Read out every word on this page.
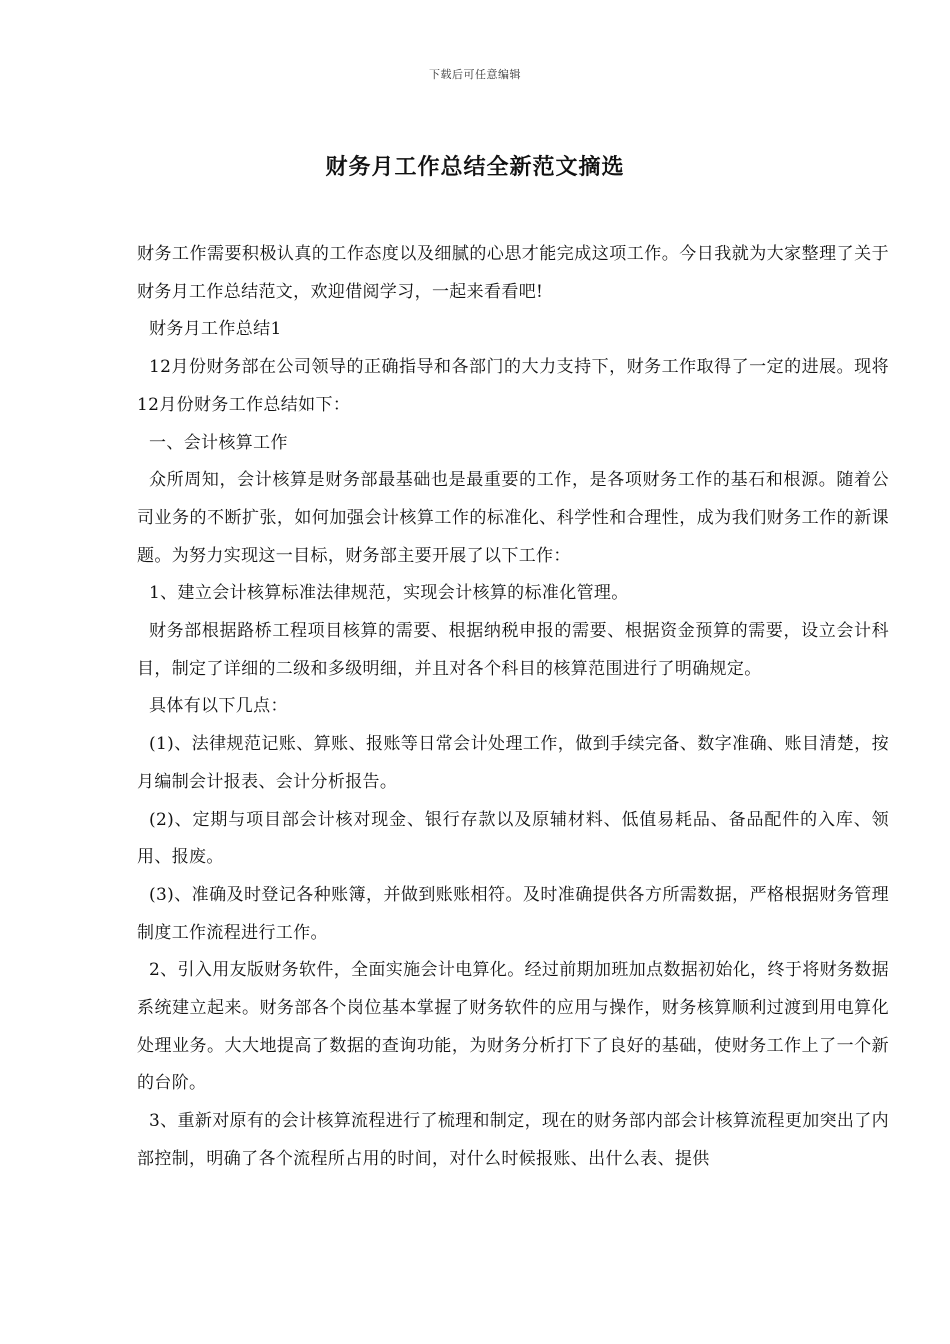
下载后可任意编辑
财务月工作总结全新范文摘选

财务工作需要积极认真的工作态度以及细腻的心思才能完成这项工作。今日我就为大家整理了关于财务月工作总结范文，欢迎借阅学习，一起来看看吧!

财务月工作总结1

12月份财务部在公司领导的正确指导和各部门的大力支持下，财务工作取得了一定的进展。现将12月份财务工作总结如下：

一、会计核算工作

众所周知，会计核算是财务部最基础也是最重要的工作，是各项财务工作的基石和根源。随着公司业务的不断扩张，如何加强会计核算工作的标准化、科学性和合理性，成为我们财务工作的新课题。为努力实现这一目标，财务部主要开展了以下工作：

1、建立会计核算标准法律规范，实现会计核算的标准化管理。

财务部根据路桥工程项目核算的需要、根据纳税申报的需要、根据资金预算的需要，设立会计科目，制定了详细的二级和多级明细，并且对各个科目的核算范围进行了明确规定。

具体有以下几点：

(1)、法律规范记账、算账、报账等日常会计处理工作，做到手续完备、数字准确、账目清楚，按月编制会计报表、会计分析报告。

(2)、定期与项目部会计核对现金、银行存款以及原辅材料、低值易耗品、备品配件的入库、领用、报废。

(3)、准确及时登记各种账簿，并做到账账相符。及时准确提供各方所需数据，严格根据财务管理制度工作流程进行工作。

2、引入用友版财务软件，全面实施会计电算化。经过前期加班加点数据初始化，终于将财务数据系统建立起来。财务部各个岗位基本掌握了财务软件的应用与操作，财务核算顺利过渡到用电算化处理业务。大大地提高了数据的查询功能，为财务分析打下了良好的基础，使财务工作上了一个新的台阶。

3、重新对原有的会计核算流程进行了梳理和制定，现在的财务部内部会计核算流程更加突出了内部控制，明确了各个流程所占用的时间，对什么时候报账、出什么表、提供
